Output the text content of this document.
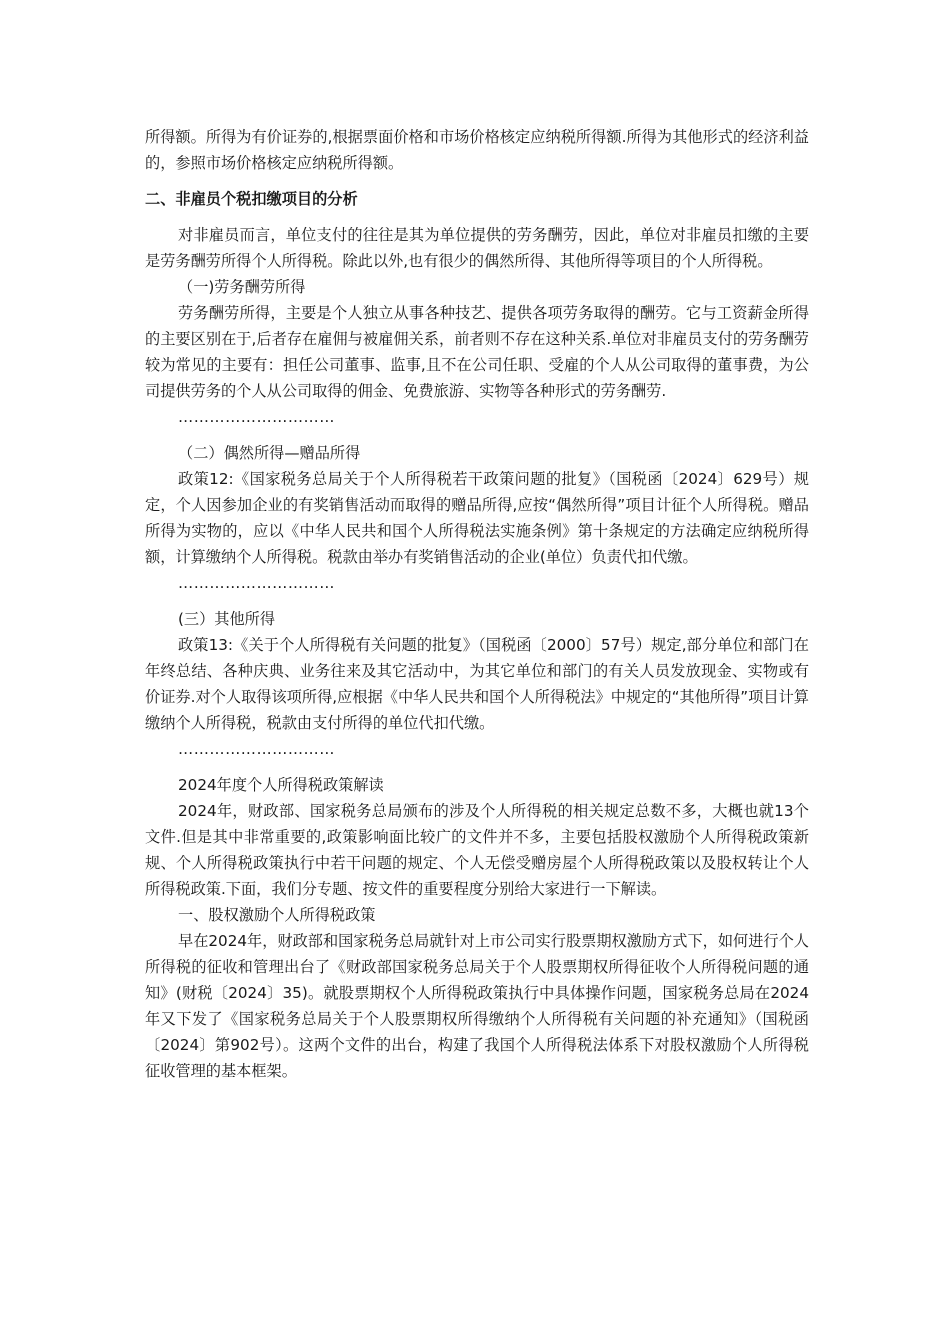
所得额。所得为有价证券的,根据票面价格和市场价格核定应纳税所得额.所得为其他形式的经济利益的，参照市场价格核定应纳税所得额。

二、非雇员个税扣缴项目的分析

对非雇员而言，单位支付的往往是其为单位提供的劳务酬劳，因此，单位对非雇员扣缴的主要是劳务酬劳所得个人所得税。除此以外,也有很少的偶然所得、其他所得等项目的个人所得税。

（一)劳务酬劳所得

劳务酬劳所得，主要是个人独立从事各种技艺、提供各项劳务取得的酬劳。它与工资薪金所得的主要区别在于,后者存在雇佣与被雇佣关系，前者则不存在这种关系.单位对非雇员支付的劳务酬劳较为常见的主要有：担任公司董事、监事,且不在公司任职、受雇的个人从公司取得的董事费，为公司提供劳务的个人从公司取得的佣金、免费旅游、实物等各种形式的劳务酬劳.

…………………………

（二）偶然所得—赠品所得

政策12:《国家税务总局关于个人所得税若干政策问题的批复》（国税函〔2024〕629号）规定，个人因参加企业的有奖销售活动而取得的赠品所得,应按“偶然所得”项目计征个人所得税。赠品所得为实物的，应以《中华人民共和国个人所得税法实施条例》第十条规定的方法确定应纳税所得额，计算缴纳个人所得税。税款由举办有奖销售活动的企业(单位）负责代扣代缴。

…………………………

(三）其他所得

政策13:《关于个人所得税有关问题的批复》（国税函〔2000〕57号）规定,部分单位和部门在年终总结、各种庆典、业务往来及其它活动中，为其它单位和部门的有关人员发放现金、实物或有价证券.对个人取得该项所得,应根据《中华人民共和国个人所得税法》中规定的“其他所得”项目计算缴纳个人所得税，税款由支付所得的单位代扣代缴。

…………………………

2024年度个人所得税政策解读

2024年，财政部、国家税务总局颁布的涉及个人所得税的相关规定总数不多，大概也就13个文件.但是其中非常重要的,政策影响面比较广的文件并不多，主要包括股权激励个人所得税政策新规、个人所得税政策执行中若干问题的规定、个人无偿受赠房屋个人所得税政策以及股权转让个人所得税政策.下面，我们分专题、按文件的重要程度分别给大家进行一下解读。

一、股权激励个人所得税政策

早在2024年，财政部和国家税务总局就针对上市公司实行股票期权激励方式下，如何进行个人所得税的征收和管理出台了《财政部国家税务总局关于个人股票期权所得征收个人所得税问题的通知》(财税〔2024〕35)。就股票期权个人所得税政策执行中具体操作问题，国家税务总局在2024年又下发了《国家税务总局关于个人股票期权所得缴纳个人所得税有关问题的补充通知》（国税函〔2024〕第902号）。这两个文件的出台，构建了我国个人所得税法体系下对股权激励个人所得税征收管理的基本框架。
